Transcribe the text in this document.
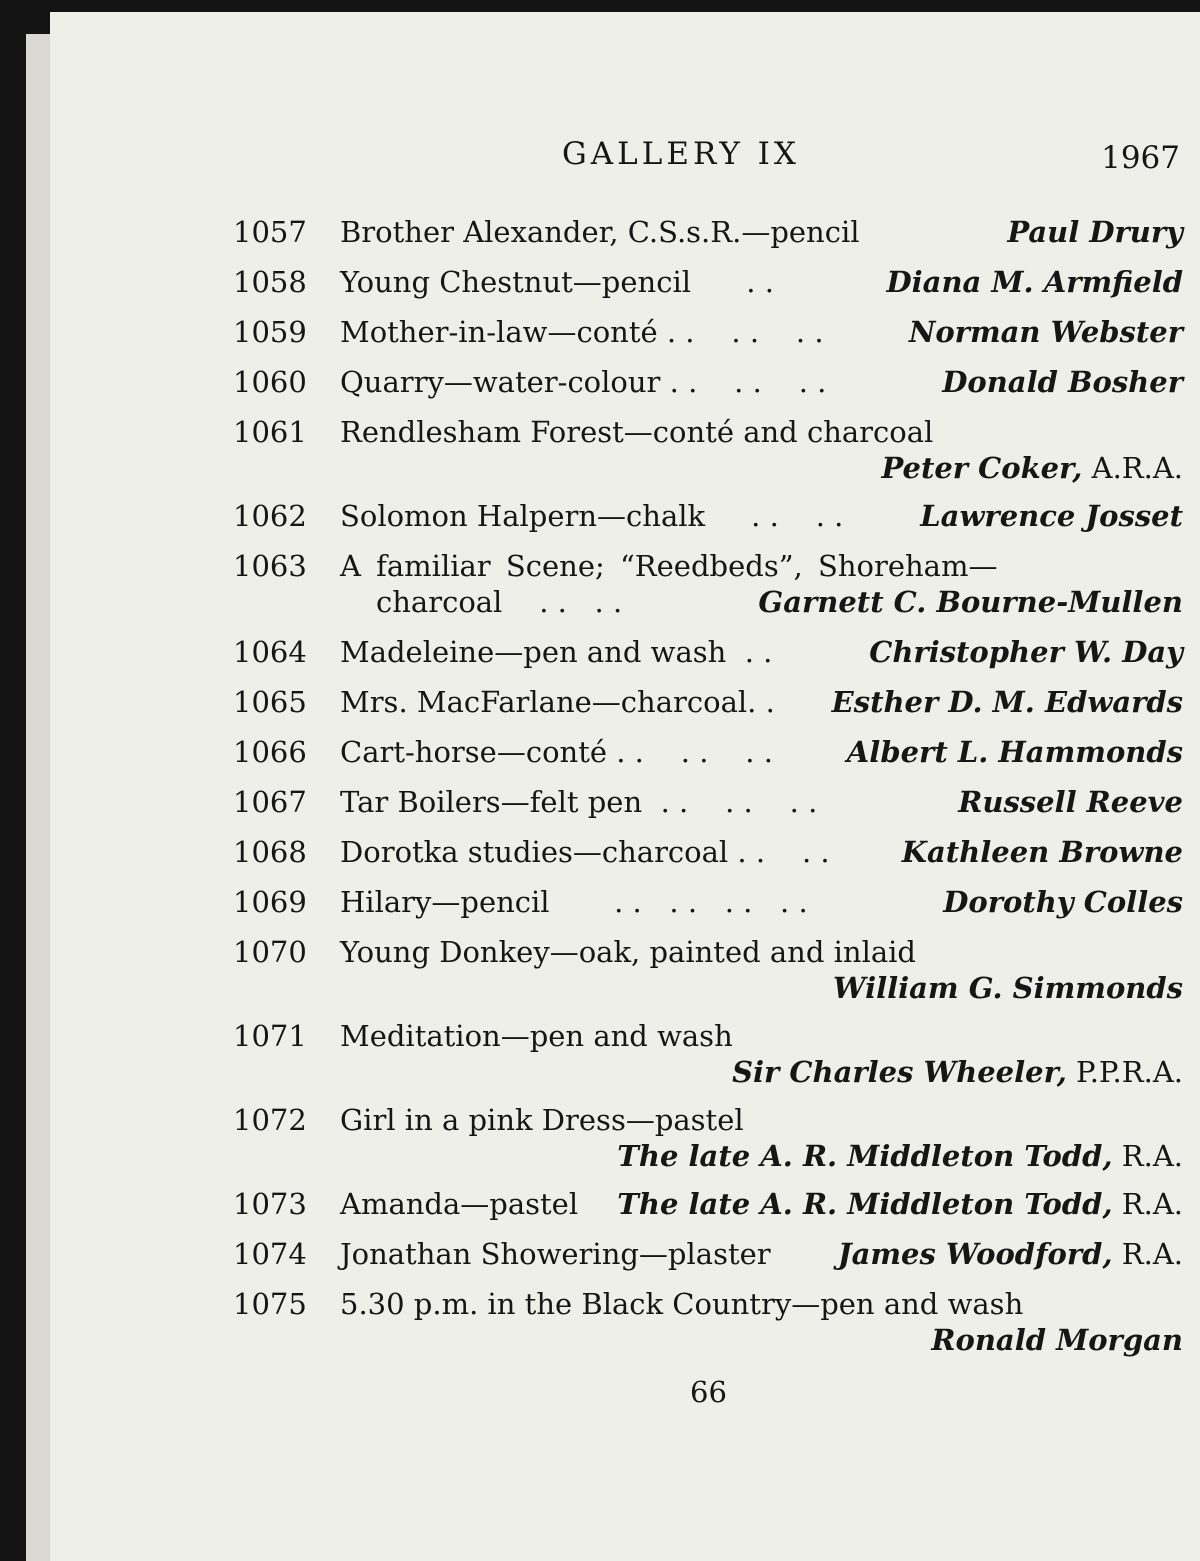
GALLERY IX	1967
1057 Brother Alexander, C.S.s.R.—pencil	Paul Drury
1058 Young Chestnut—pencil      . .	Diana M. Armfield
1059 Mother-in-law—conté . .    . .    . .	Norman Webster
1060 Quarry—water-colour . .    . .    . .	Donald Bosher
1061 Rendlesham Forest—conté and charcoal
Peter Coker, A.R.A.
1062 Solomon Halpern—chalk     . .    . .	Lawrence Josset
1063 A familiar Scene; “Reedbeds”, Shoreham—
charcoal    . .   . .	Garnett C. Bourne-Mullen
1064 Madeleine—pen and wash  . .	Christopher W. Day
1065 Mrs. MacFarlane—charcoal. . Esther D. M. Edwards
1066 Cart-horse—conté . .    . .    . .	Albert L. Hammonds
1067 Tar Boilers—felt pen  . .    . .    . .	Russell Reeve
1068 Dorotka studies—charcoal . .    . . Kathleen Browne
1069 Hilary—pencil       . .   . .   . .   . .	Dorothy Colles
1070 Young Donkey—oak, painted and inlaid
William G. Simmonds
1071 Meditation—pen and wash
Sir Charles Wheeler, P.P.R.A.
1072 Girl in a pink Dress—pastel
The late A. R. Middleton Todd, R.A.
1073 Amanda—pastel The late A. R. Middleton Todd, R.A.
1074 Jonathan Showering—plaster James Woodford, R.A.
1075 5.30 p.m. in the Black Country—pen and wash
Ronald Morgan
66
